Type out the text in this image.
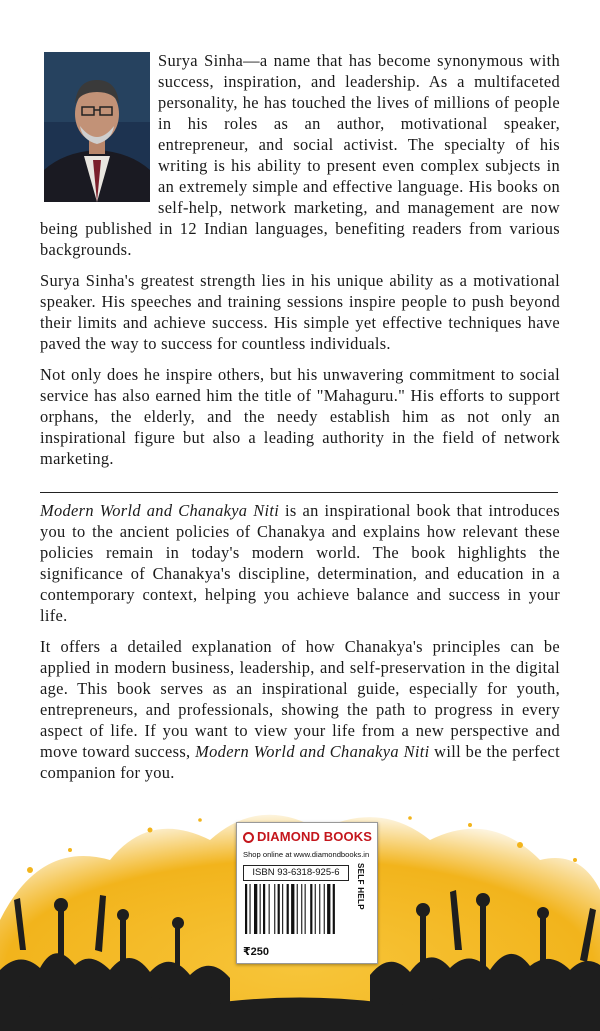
Surya Sinha—a name that has become synonymous with success, inspiration, and leadership. As a multifaceted personality, he has touched the lives of millions of people in his roles as an author, motivational speaker, entrepreneur, and social activist. The specialty of his writing is his ability to present even complex subjects in an extremely simple and effective language. His books on self-help, network marketing, and management are now being published in 12 Indian languages, benefiting readers from various backgrounds.

Surya Sinha's greatest strength lies in his unique ability as a motivational speaker. His speeches and training sessions inspire people to push beyond their limits and achieve success. His simple yet effective techniques have paved the way to success for countless individuals.

Not only does he inspire others, but his unwavering commitment to social service has also earned him the title of "Mahaguru." His efforts to support orphans, the elderly, and the needy establish him as not only an inspirational figure but also a leading authority in the field of network marketing.

Modern World and Chanakya Niti is an inspirational book that introduces you to the ancient policies of Chanakya and explains how relevant these policies remain in today's modern world. The book highlights the significance of Chanakya's discipline, determination, and education in a contemporary context, helping you achieve balance and success in your life.

It offers a detailed explanation of how Chanakya's principles can be applied in modern business, leadership, and self-preservation in the digital age. This book serves as an inspirational guide, especially for youth, entrepreneurs, and professionals, showing the path to progress in every aspect of life. If you want to view your life from a new perspective and move toward success, Modern World and Chanakya Niti will be the perfect companion for you.

DIAMOND BOOKS
Shop online at www.diamondbooks.in
ISBN 93-6318-925-6	SELF HELP
₹250
